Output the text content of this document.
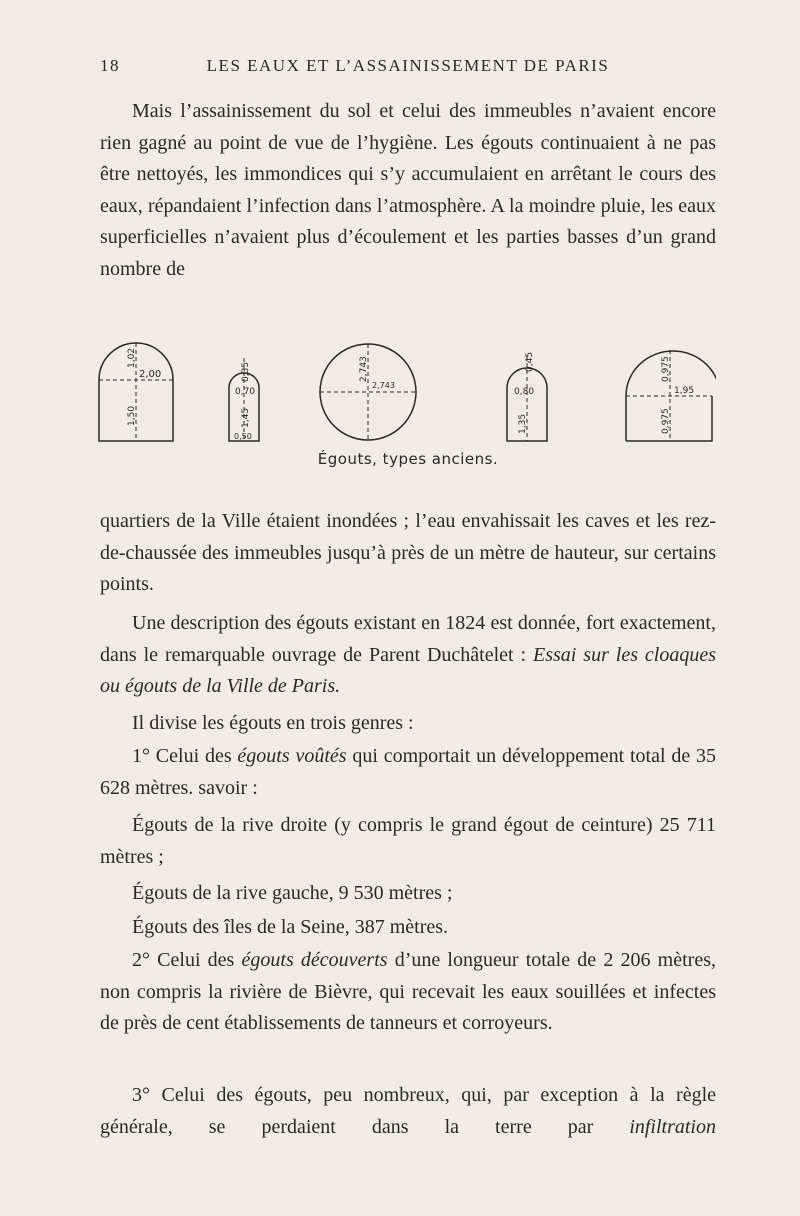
18	LES EAUX ET L’ASSAINISSEMENT DE PARIS

Mais l’assainissement du sol et celui des immeubles n’avaient encore rien gagné au point de vue de l’hygiène. Les égouts continuaient à ne pas être nettoyés, les immondices qui s’y accumulaient en arrêtant le cours des eaux, répandaient l’infection dans l’atmosphère. A la moindre pluie, les eaux superficielles n’avaient plus d’écoulement et les parties basses d’un grand nombre de

1,02
2,00
1,50
0,35
0,70
1,45
0,50
2,743
2,743
0,45
0,80
1,35
0,975
1,95
0,975
Égouts, types anciens.

quartiers de la Ville étaient inondées ; l’eau envahissait les caves et les rez-de-chaussée des immeubles jusqu’à près de un mètre de hauteur, sur certains points.

Une description des égouts existant en 1824 est donnée, fort exactement, dans le remarquable ouvrage de Parent Duchâtelet : Essai sur les cloaques ou égouts de la Ville de Paris.

Il divise les égouts en trois genres :

1° Celui des égouts voûtés qui comportait un développement total de 35 628 mètres. savoir :

Égouts de la rive droite (y compris le grand égout de ceinture) 25 711 mètres ;

Égouts de la rive gauche, 9 530 mètres ;

Égouts des îles de la Seine, 387 mètres.

2° Celui des égouts découverts d’une longueur totale de 2 206 mètres, non compris la rivière de Bièvre, qui recevait les eaux souillées et infectes de près de cent établissements de tanneurs et corroyeurs.

3° Celui des égouts, peu nombreux, qui, par exception à la règle générale, se perdaient dans la terre par infiltration
